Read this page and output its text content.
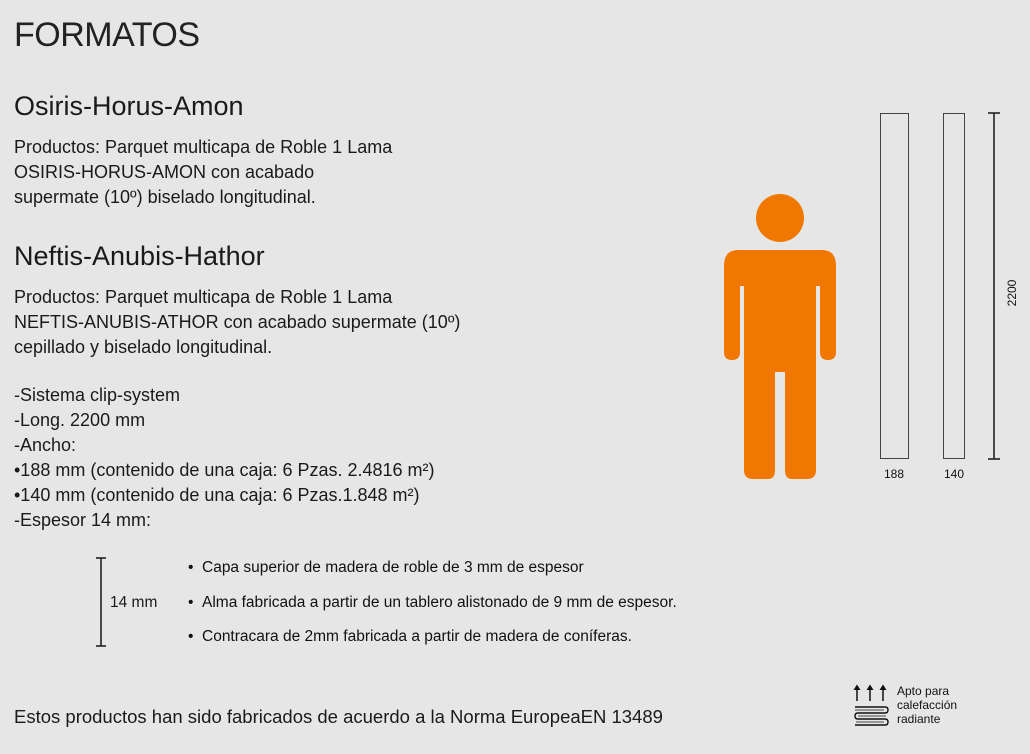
FORMATOS
Osiris-Horus-Amon
Productos: Parquet multicapa de Roble 1 Lama
OSIRIS-HORUS-AMON con acabado
supermate (10º) biselado longitudinal.
Neftis-Anubis-Hathor
Productos: Parquet multicapa de Roble 1 Lama
NEFTIS-ANUBIS-ATHOR con acabado supermate (10º)
cepillado y biselado longitudinal.
-Sistema clip-system
-Long. 2200 mm
-Ancho:
•188 mm (contenido de una caja: 6 Pzas. 2.4816 m²)
•140 mm (contenido de una caja: 6 Pzas.1.848 m²)
-Espesor 14 mm:
14 mm
• Capa superior de madera de roble de 3 mm de espesor
• Alma fabricada a partir de un tablero alistonado de 9 mm de espesor.
• Contracara de 2mm fabricada a partir de madera de coníferas.
Estos productos han sido fabricados de acuerdo a la Norma EuropeaEN 13489
188	140
2200
Apto para
calefacción
radiante
